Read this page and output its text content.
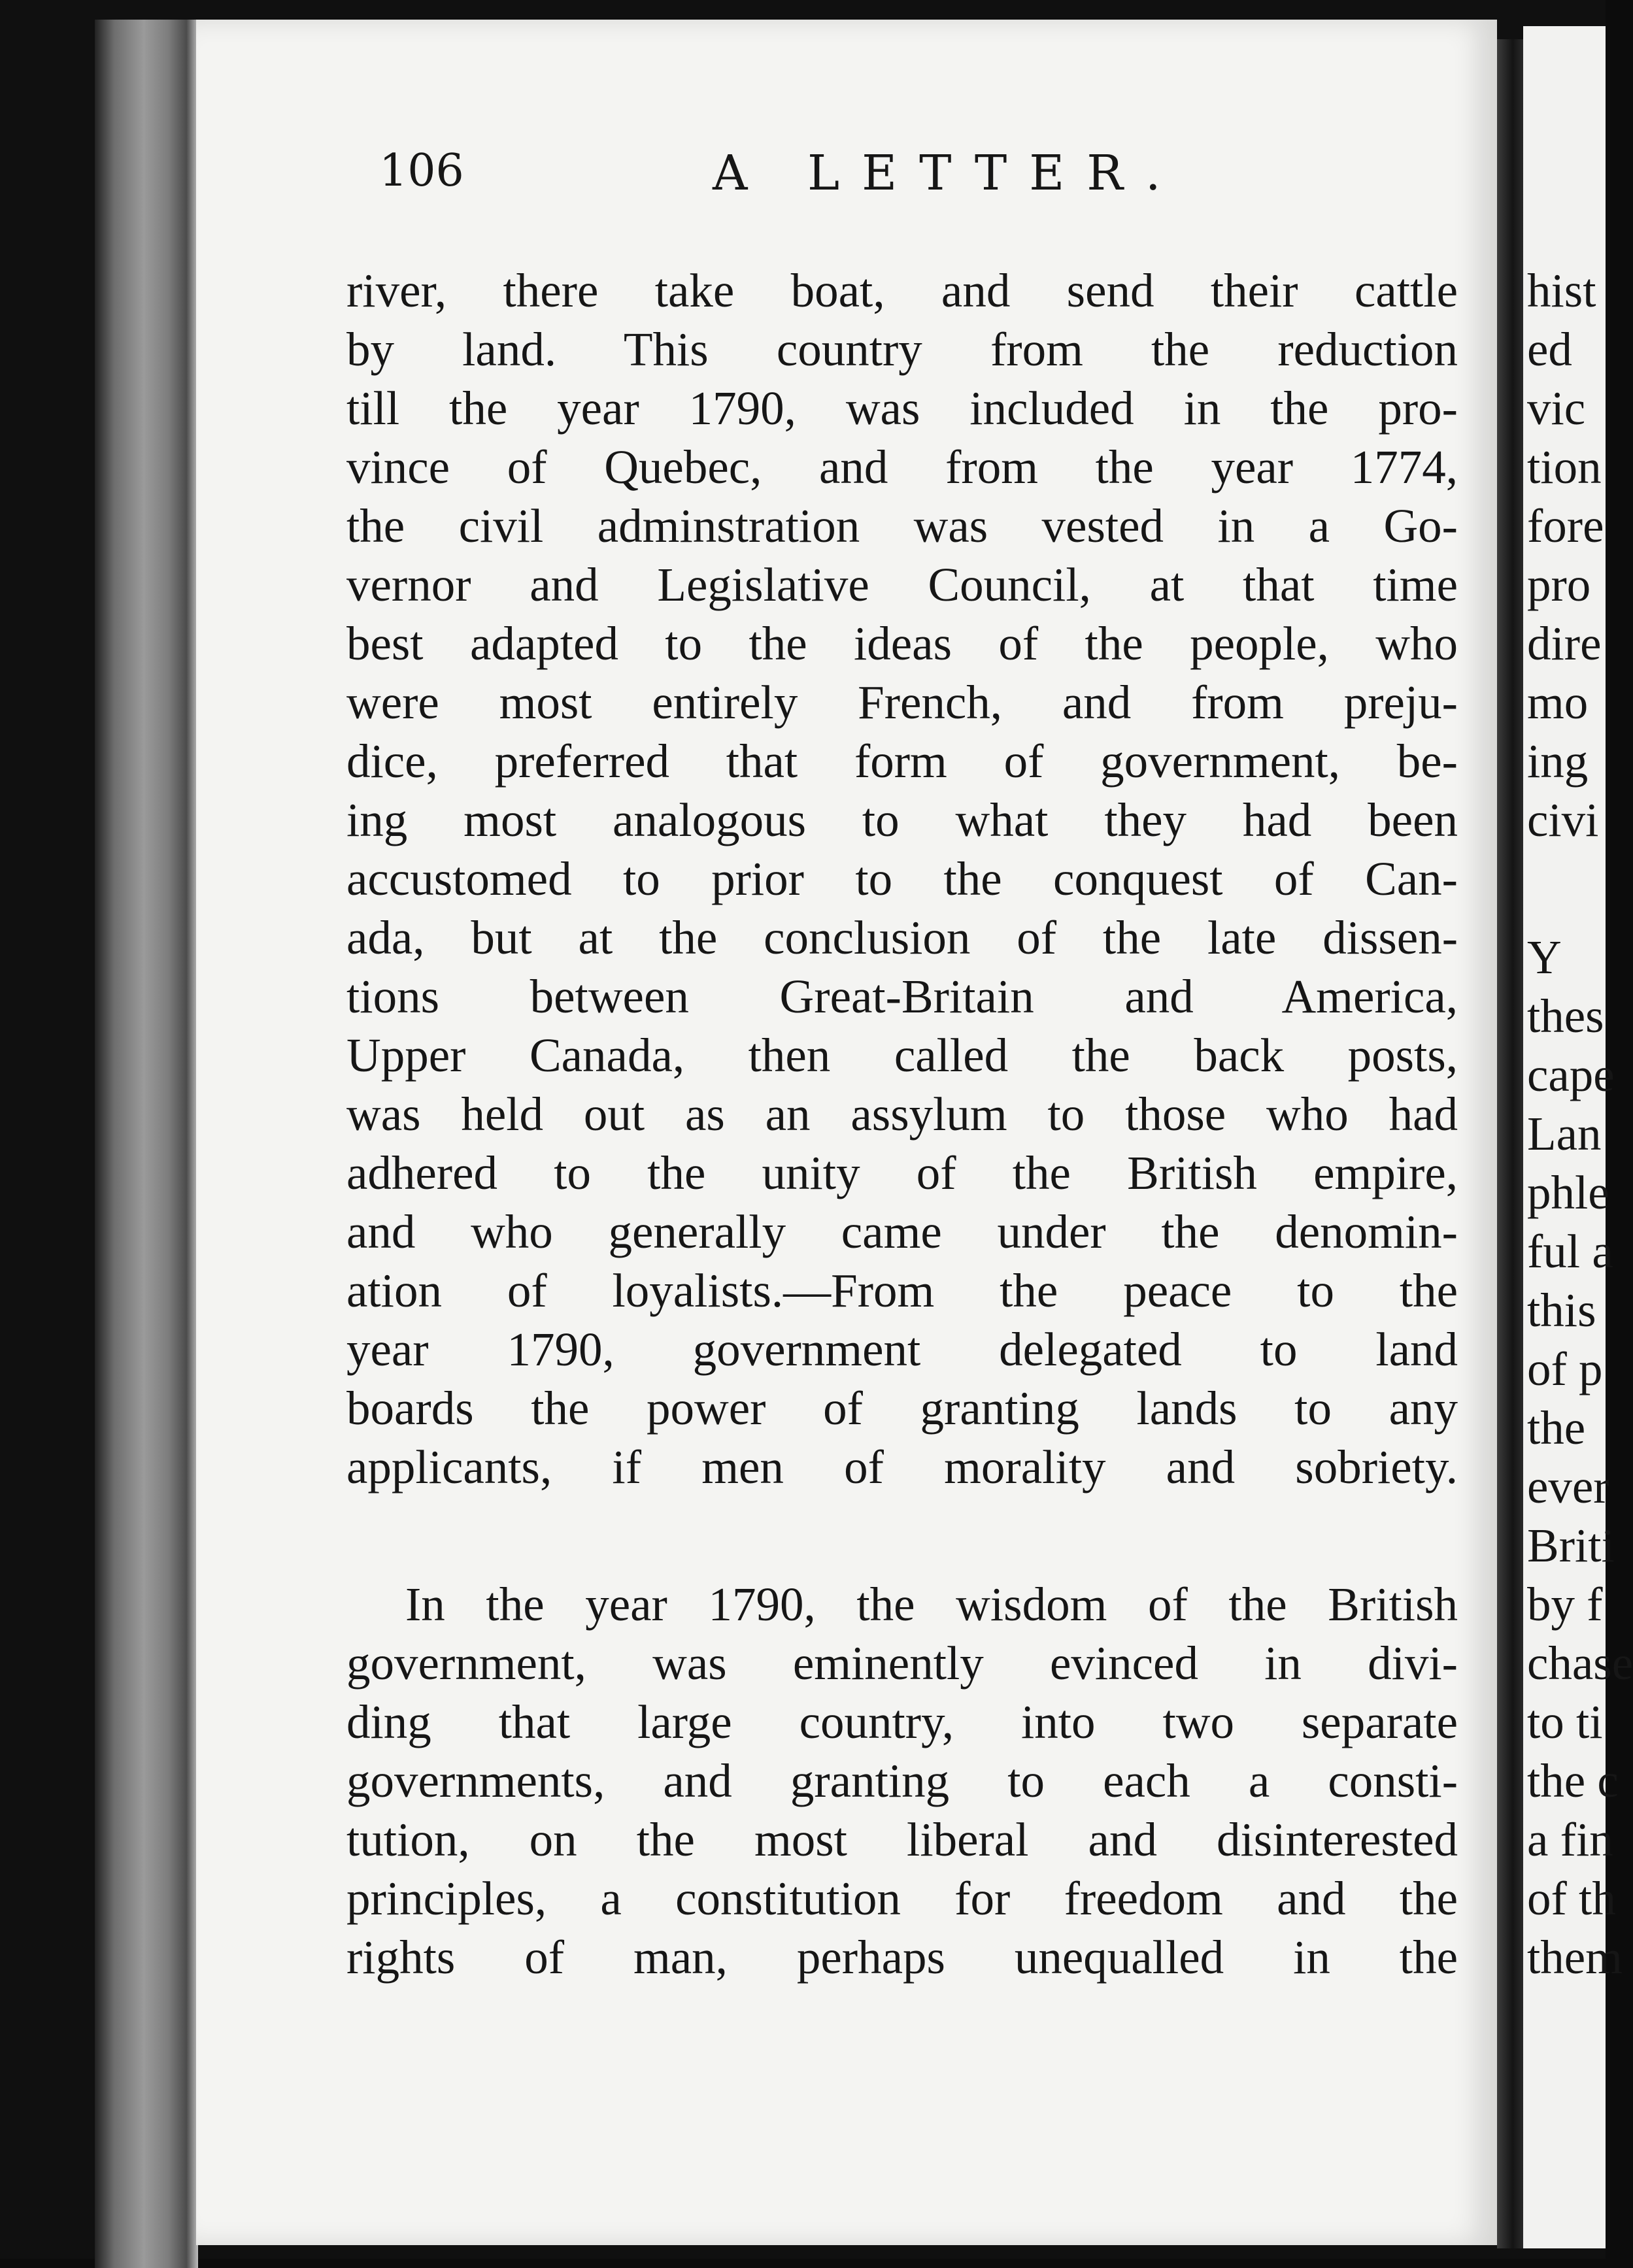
106	A LETTER.
river, there take boat, and send their cattle
by land. This country from the reduction
till the year 1790, was included in the pro-
vince of Quebec, and from the year 1774,
the civil adminstration was vested in a Go-
vernor and Legislative Council, at that time
best adapted to the ideas of the people, who
were most entirely French, and from preju-
dice, preferred that form of government, be-
ing most analogous to what they had been
accustomed to prior to the conquest of Can-
ada, but at the conclusion of the late dissen-
tions between Great-Britain and America,
Upper Canada, then called the back posts,
was held out as an assylum to those who had
adhered to the unity of the British empire,
and who generally came under the denomin-
ation of loyalists.—From the peace to the
year 1790, government delegated to land
boards the power of granting lands to any
applicants, if men of morality and sobriety.
In the year 1790, the wisdom of the British
government, was eminently evinced in divi-
ding that large country, into two separate
governments, and granting to each a consti-
tution, on the most liberal and disinterested
principles, a constitution for freedom and the
rights of man, perhaps unequalled in the
hist
ed
vic
tion
fore
pro
dire
mo
ing
civi
Y
thes
cape
Lan
phle
ful a
this
of p
the
ever
Briti
by f
chase
to ti
the c
a fin
of th
them
